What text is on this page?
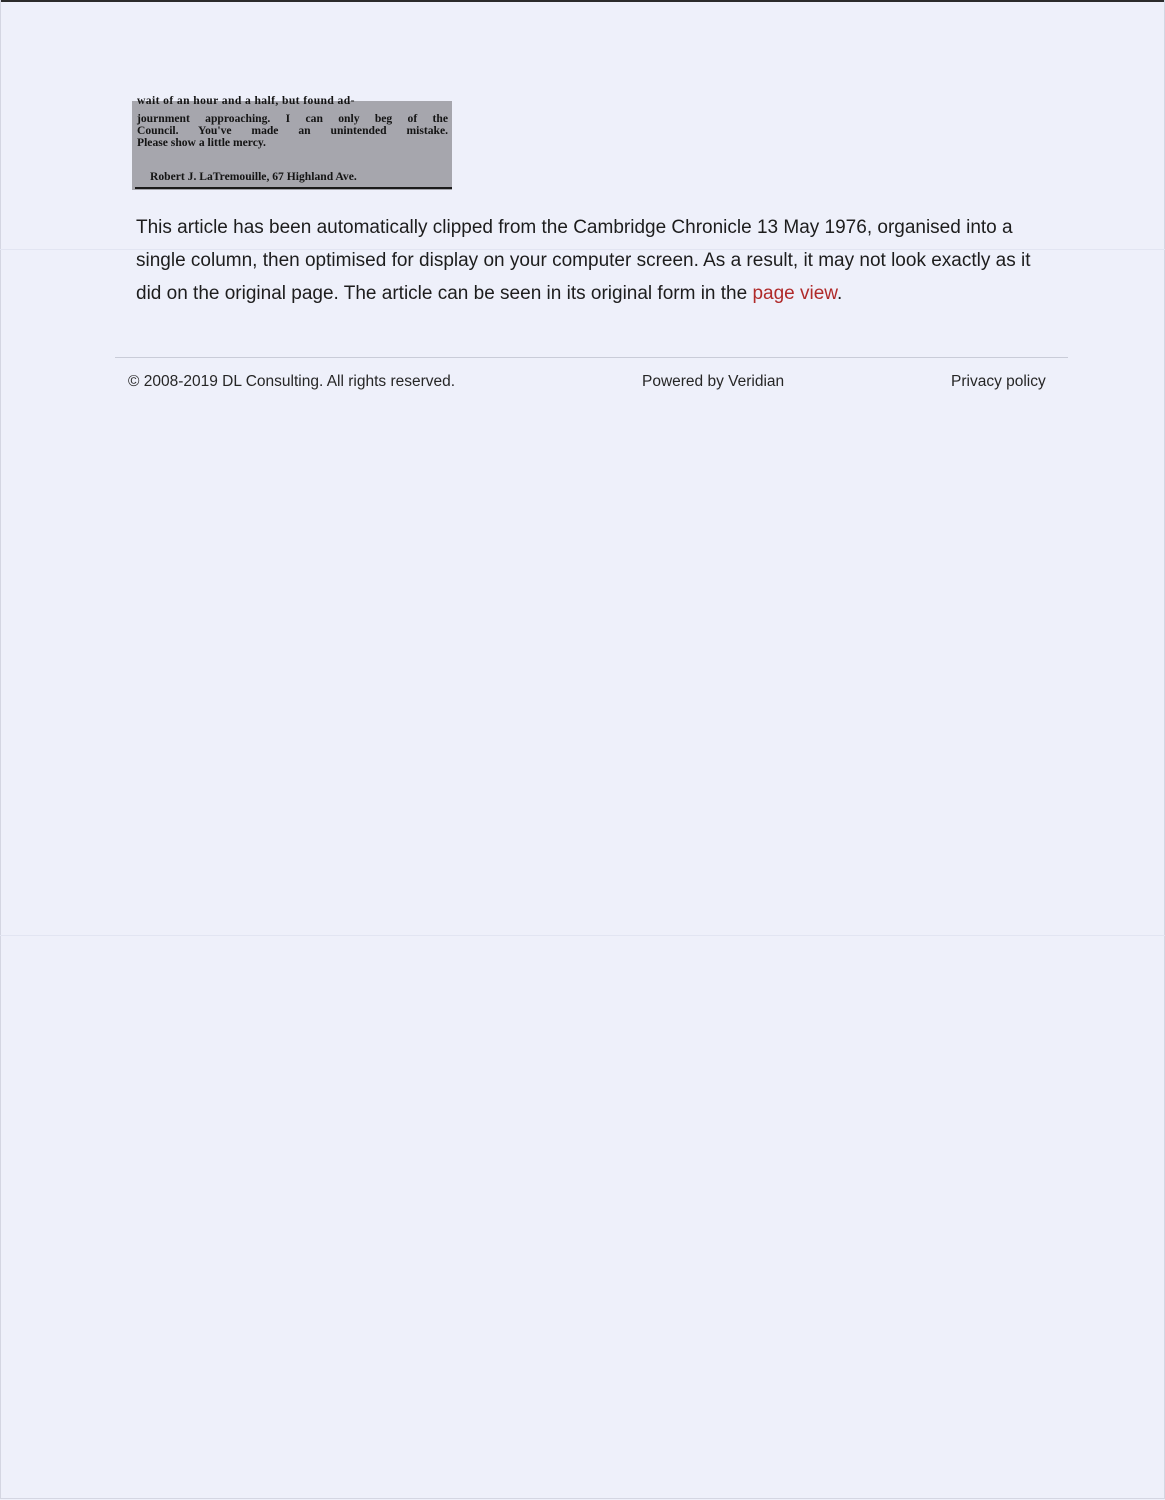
wait of an hour and a half, but found ad-
journment approaching. I can only beg of the
Council. You've made an unintended mistake.
Please show a little mercy.
Robert J. LaTremouille, 67 Highland Ave.

This article has been automatically clipped from the Cambridge Chronicle 13 May 1976, organised into a single column, then optimised for display on your computer screen. As a result, it may not look exactly as it did on the original page. The article can be seen in its original form in the page view.

© 2008-2019 DL Consulting. All rights reserved.	Powered by Veridian	Privacy policy
